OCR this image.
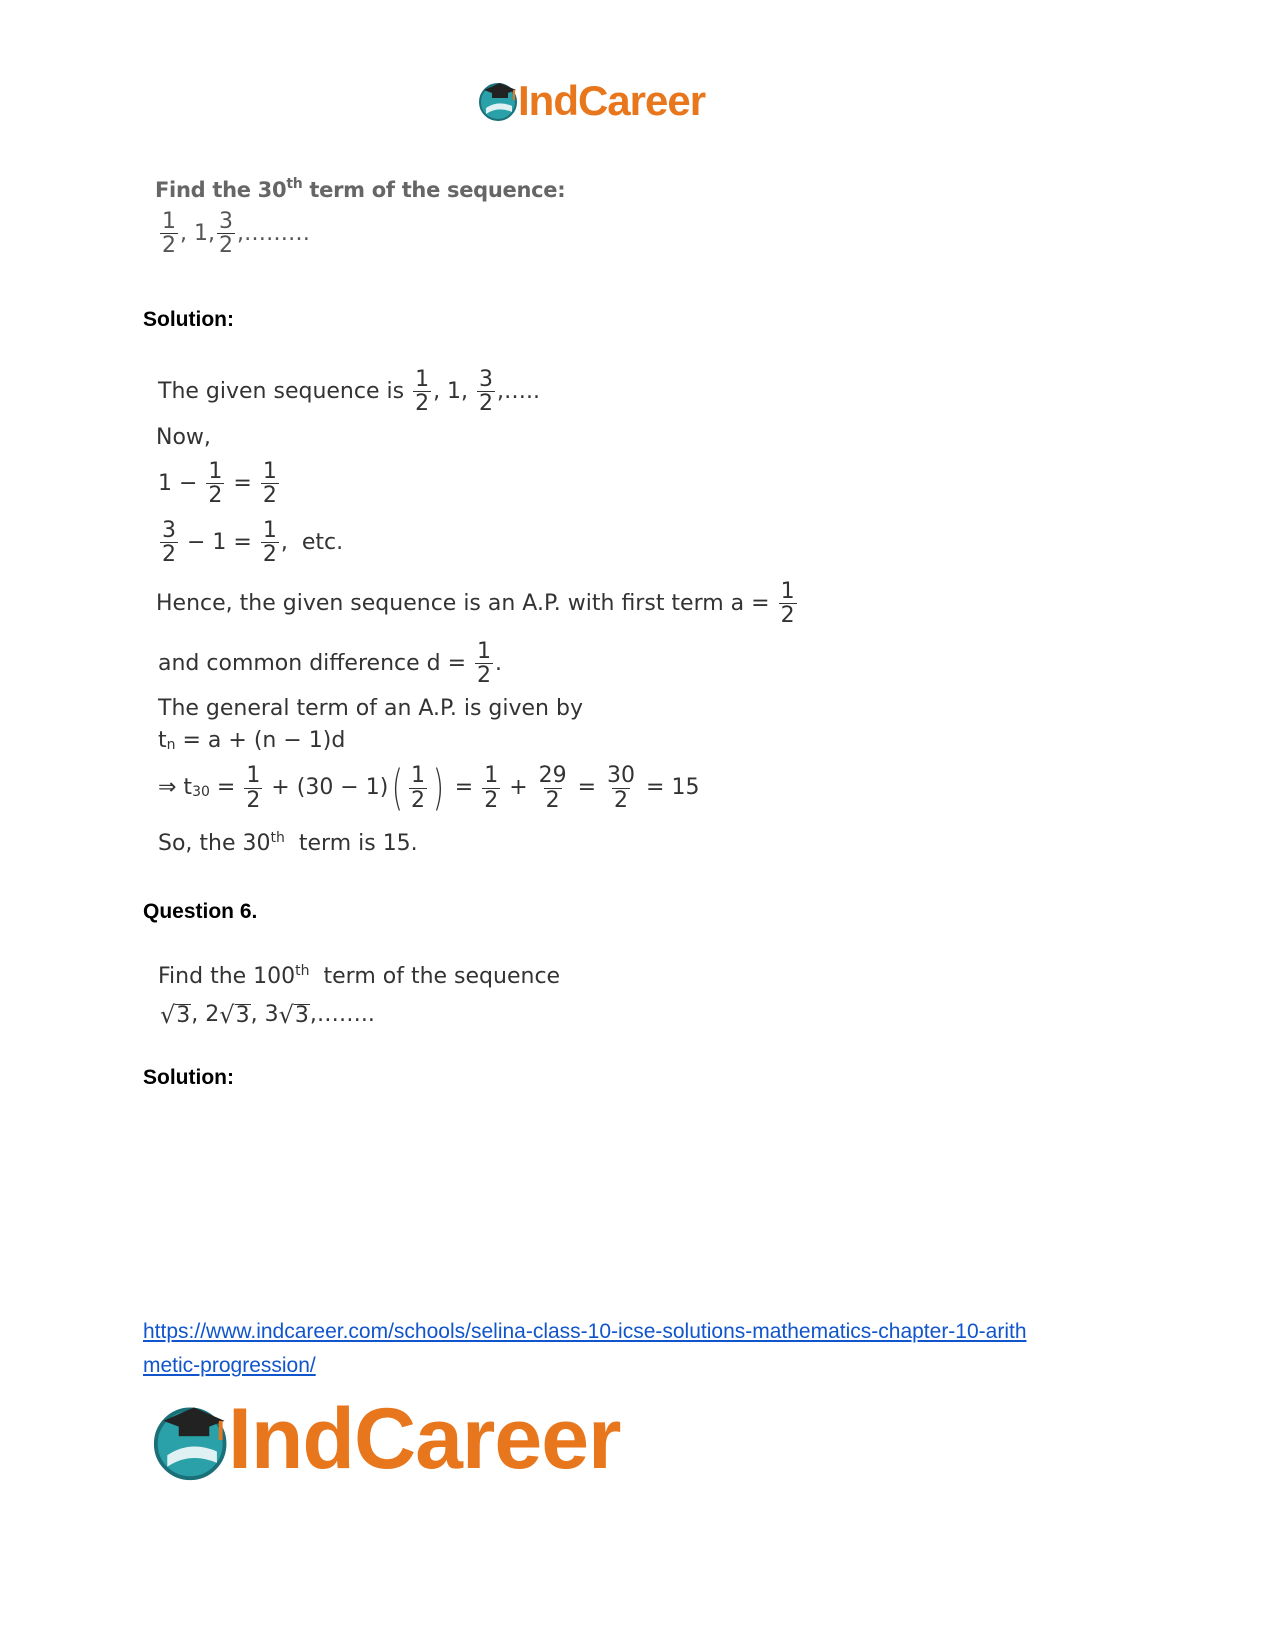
IndCareer
Find the 30th term of the sequence:
$\frac{1}{2}$ , 1, $\frac{3}{2}$ ,………
Solution:
The given sequence is $\frac{1}{2}$ , 1, $\frac{3}{2}$ ,…..
Now,
$1 - \frac{1}{2} = \frac{1}{2}$
$\frac{3}{2} - 1 = \frac{1}{2}$ ,  etc.
Hence, the given sequence is an A.P. with first term $a = \frac{1}{2}$
and common difference $d = \frac{1}{2}$ .
The general term of an A.P. is given by
$t_n = a + (n - 1)d$
⇒ $t_{30} = \frac{1}{2} + (30 - 1)$ ( $\frac{1}{2}$ ) = $\frac{1}{2} + \frac{29}{2} = \frac{30}{2} = 15$
So, the 30th term is 15.
Question 6.
Find the 100th term of the sequence
√ 3 , 2 √ 3 , 3 √ 3 ,……..
Solution:
https://www.indcareer.com/schools/selina-class-10-icse-solutions-mathematics-chapter-10-arith
metic-progression/
IndCareer
